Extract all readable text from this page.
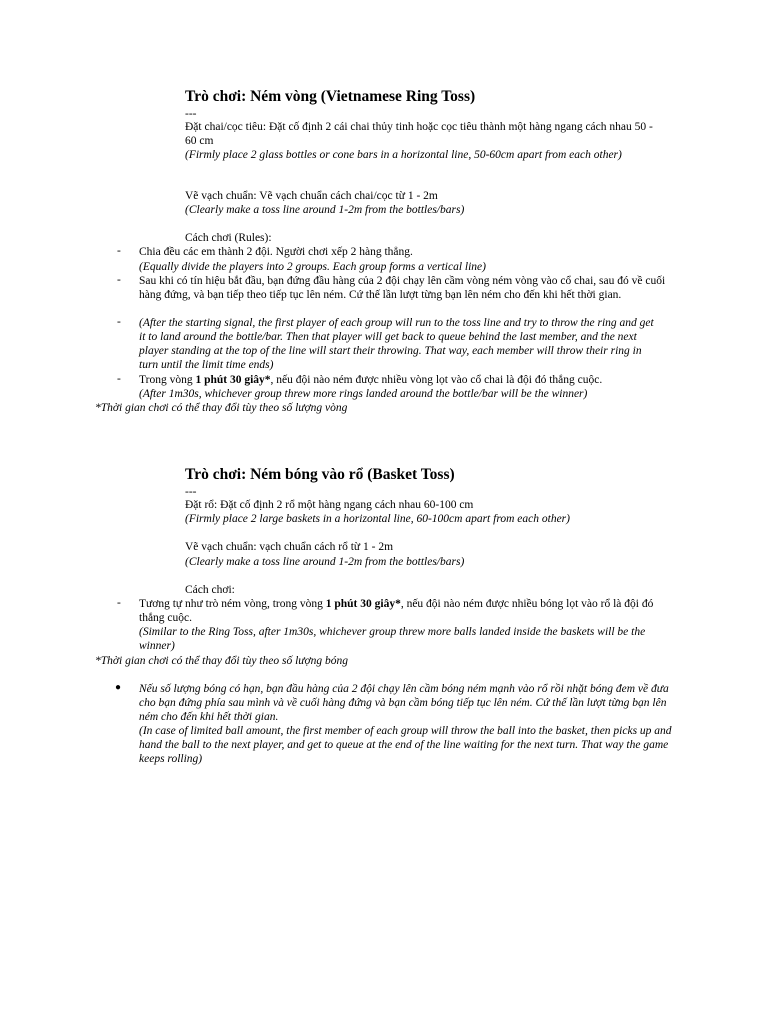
Trò chơi: Ném vòng (Vietnamese Ring Toss)
---
Đặt chai/cọc tiêu: Đặt cố định 2 cái chai thủy tinh hoặc cọc tiêu thành một hàng ngang cách nhau 50 - 60 cm
(Firmly place 2 glass bottles or cone bars in a horizontal line, 50-60cm apart from each other)
Vẽ vạch chuẩn: Vẽ vạch chuẩn cách chai/cọc từ 1 - 2m
(Clearly make a toss line around 1-2m from the bottles/bars)
Cách chơi (Rules):
- Chia đều các em thành 2 đội. Người chơi xếp 2 hàng thẳng.
(Equally divide the players into 2 groups. Each group forms a vertical line)
- Sau khi có tín hiệu bắt đầu, bạn đứng đầu hàng của 2 đội chạy lên cầm vòng ném vòng vào cổ chai, sau đó về cuối hàng đứng, và bạn tiếp theo tiếp tục lên ném. Cứ thế lần lượt từng bạn lên ném cho đến khi hết thời gian.
- (After the starting signal, the first player of each group will run to the toss line and try to throw the ring and get it to land around the bottle/bar. Then that player will get back to queue behind the last member, and the next player standing at the top of the line will start their throwing. That way, each member will throw their ring in turn until the limit time ends)
- Trong vòng 1 phút 30 giây*, nếu đội nào ném được nhiều vòng lọt vào cổ chai là đội đó thắng cuộc.
(After 1m30s, whichever group threw more rings landed around the bottle/bar will be the winner)
*Thời gian chơi có thể thay đổi tùy theo số lượng vòng
Trò chơi: Ném bóng vào rổ (Basket Toss)
---
Đặt rổ: Đặt cố định 2 rổ một hàng ngang cách nhau 60-100 cm
(Firmly place 2 large baskets in a horizontal line, 60-100cm apart from each other)
Vẽ vạch chuẩn: vạch chuẩn cách rổ từ 1 - 2m
(Clearly make a toss line around 1-2m from the bottles/bars)
Cách chơi:
- Tương tự như trò ném vòng, trong vòng 1 phút 30 giây*, nếu đội nào ném được nhiều bóng lọt vào rổ là đội đó thắng cuộc.
(Similar to the Ring Toss, after 1m30s, whichever group threw more balls landed inside the baskets will be the winner)
*Thời gian chơi có thể thay đổi tùy theo số lượng bóng
● Nếu số lượng bóng có hạn, bạn đầu hàng của 2 đội chạy lên cầm bóng ném mạnh vào rổ rồi nhặt bóng đem về đưa cho bạn đứng phía sau mình và về cuối hàng đứng và bạn cầm bóng tiếp tục lên ném. Cứ thế lần lượt từng bạn lên ném cho đến khi hết thời gian.
(In case of limited ball amount, the first member of each group will throw the ball into the basket, then picks up and hand the ball to the next player, and get to queue at the end of the line waiting for the next turn. That way the game keeps rolling)
